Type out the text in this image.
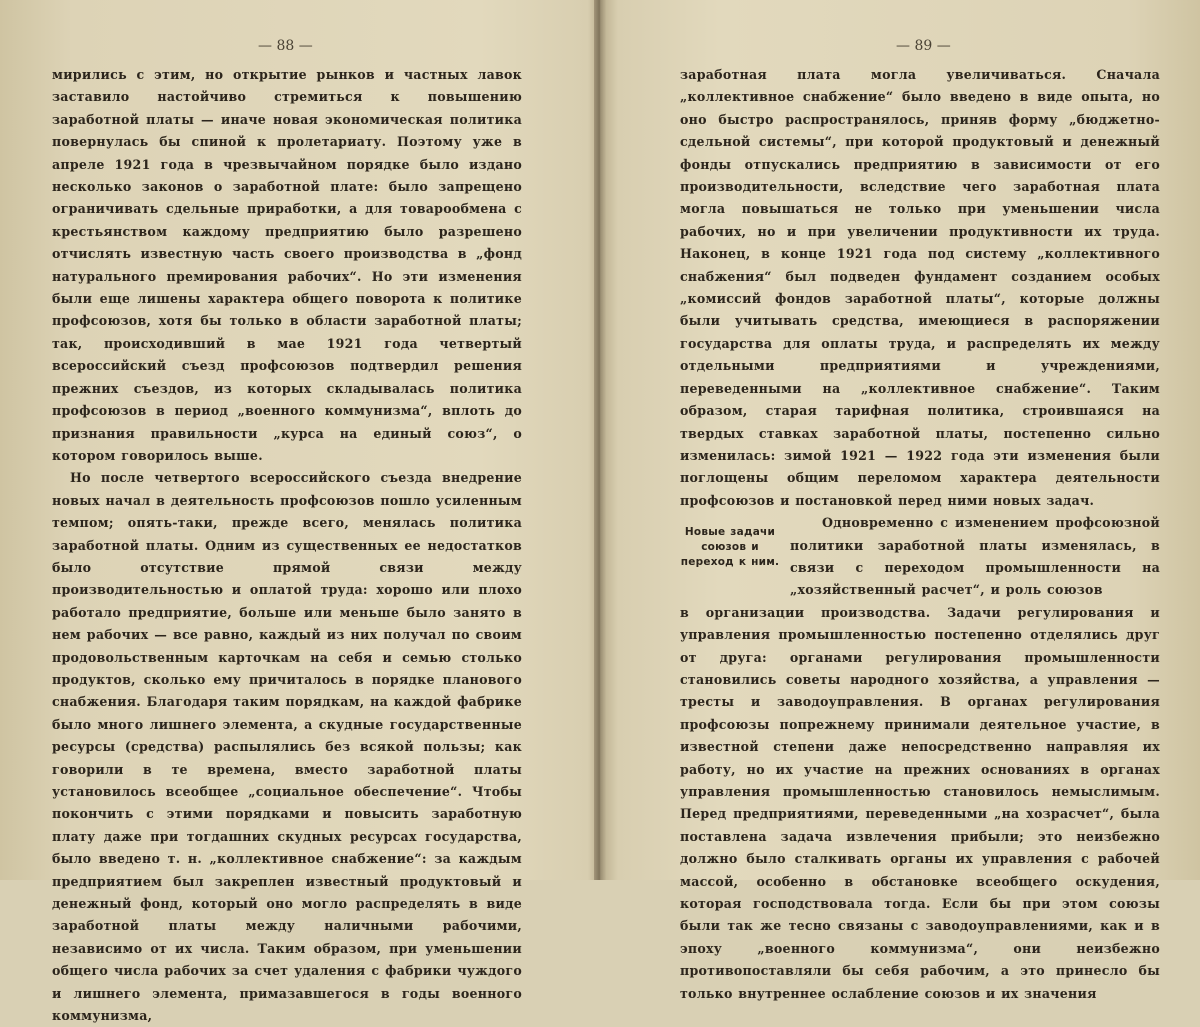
— 88 —

мирились с этим, но открытие рынков и частных лавок заставило настойчиво стремиться к повышению заработной платы — иначе новая экономическая политика повернулась бы спиной к пролетариату. Поэтому уже в апреле 1921 года в чрезвычайном порядке было издано несколько законов о заработной плате: было запрещено ограничивать сдельные приработки, а для товарообмена с крестьянством каждому предприятию было разрешено отчислять известную часть своего производства в „фонд натурального премирования рабочих“. Но эти изменения были еще лишены характера общего поворота к политике профсоюзов, хотя бы только в области заработной платы; так, происходивший в мае 1921 года четвертый всероссийский съезд профсоюзов подтвердил решения прежних съездов, из которых складывалась политика профсоюзов в период „военного коммунизма“, вплоть до признания правильности „курса на единый союз“, о котором говорилось выше.

Но после четвертого всероссийского съезда внедрение новых начал в деятельность профсоюзов пошло усиленным темпом; опять-таки, прежде всего, менялась политика заработной платы. Одним из существенных ее недостатков было отсутствие прямой связи между производительностью и оплатой труда: хорошо или плохо работало предприятие, больше или меньше было занято в нем рабочих — все равно, каждый из них получал по своим продовольственным карточкам на себя и семью столько продуктов, сколько ему причиталось в порядке планового снабжения. Благодаря таким порядкам, на каждой фабрике было много лишнего элемента, а скудные государственные ресурсы (средства) распылялись без всякой пользы; как говорили в те времена, вместо заработной платы установилось всеобщее „социальное обеспечение“. Чтобы покончить с этими порядками и повысить заработную плату даже при тогдашних скудных ресурсах государства, было введено т. н. „коллективное снабжение“: за каждым предприятием был закреплен известный продуктовый и денежный фонд, который оно могло распределять в виде заработной платы между наличными рабочими, независимо от их числа. Таким образом, при уменьшении общего числа рабочих за счет удаления с фабрики чуждого и лишнего элемента, примазавшегося в годы военного коммунизма,

— 89 —

заработная плата могла увеличиваться. Сначала „коллективное снабжение“ было введено в виде опыта, но оно быстро распространялось, приняв форму „бюджетно-сдельной системы“, при которой продуктовый и денежный фонды отпускались предприятию в зависимости от его производительности, вследствие чего заработная плата могла повышаться не только при уменьшении числа рабочих, но и при увеличении продуктивности их труда. Наконец, в конце 1921 года под систему „коллективного снабжения“ был подведен фундамент созданием особых „комиссий фондов заработной платы“, которые должны были учитывать средства, имеющиеся в распоряжении государства для оплаты труда, и распределять их между отдельными предприятиями и учреждениями, переведенными на „коллективное снабжение“. Таким образом, старая тарифная политика, строившаяся на твердых ставках заработной платы, постепенно сильно изменилась: зимой 1921 — 1922 года эти изменения были поглощены общим переломом характера деятельности профсоюзов и постановкой перед ними новых задач.

Новые задачи союзов и переход к ним.
Одновременно с изменением профсоюзной политики заработной платы изменялась, в связи с переходом промышленности на „хозяйственный расчет“, и роль союзов

в организации производства. Задачи регулирования и управления промышленностью постепенно отделялись друг от друга: органами регулирования промышленности становились советы народного хозяйства, а управления — тресты и заводоуправления. В органах регулирования профсоюзы попрежнему принимали деятельное участие, в известной степени даже непосредственно направляя их работу, но их участие на прежних основаниях в органах управления промышленностью становилось немыслимым. Перед предприятиями, переведенными „на хозрасчет“, была поставлена задача извлечения прибыли; это неизбежно должно было сталкивать органы их управления с рабочей массой, особенно в обстановке всеобщего оскудения, которая господствовала тогда. Если бы при этом союзы были так же тесно связаны с заводоуправлениями, как и в эпоху „военного коммунизма“, они неизбежно противопоставляли бы себя рабочим, а это принесло бы только внутреннее ослабление союзов и их значения
